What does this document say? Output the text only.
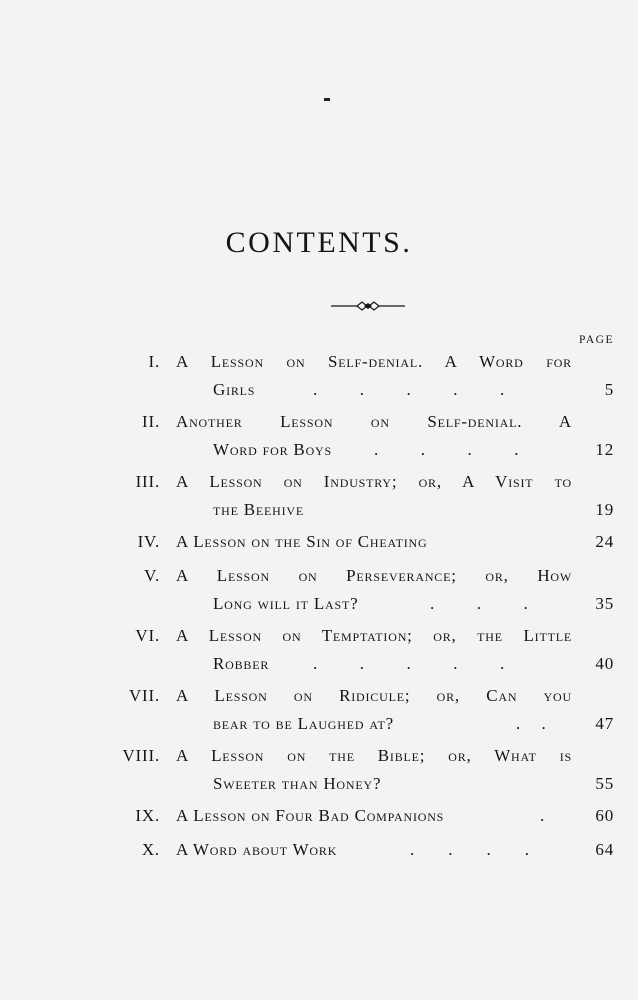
CONTENTS.
PAGE
I. A Lesson on Self-denial. A Word for
Girls	.          .          .          .          .	5
II. Another Lesson on Self-denial. A
Word for Boys	.          .          .          .	12
III. A Lesson on Industry; or, A Visit to
the Beehive	19
IV. A Lesson on the Sin of Cheating	24
V. A Lesson on Perseverance; or, How
Long will it Last?	.          .          .	35
VI. A Lesson on Temptation; or, the Little
Robber	.          .          .          .          .	40
VII. A Lesson on Ridicule; or, Can you
bear to be Laughed at?	.     .	47
VIII. A Lesson on the Bible; or, What is
Sweeter than Honey?	55
IX. A Lesson on Four Bad Companions	.	60
X. A Word about Work	.        .        .        .	64
